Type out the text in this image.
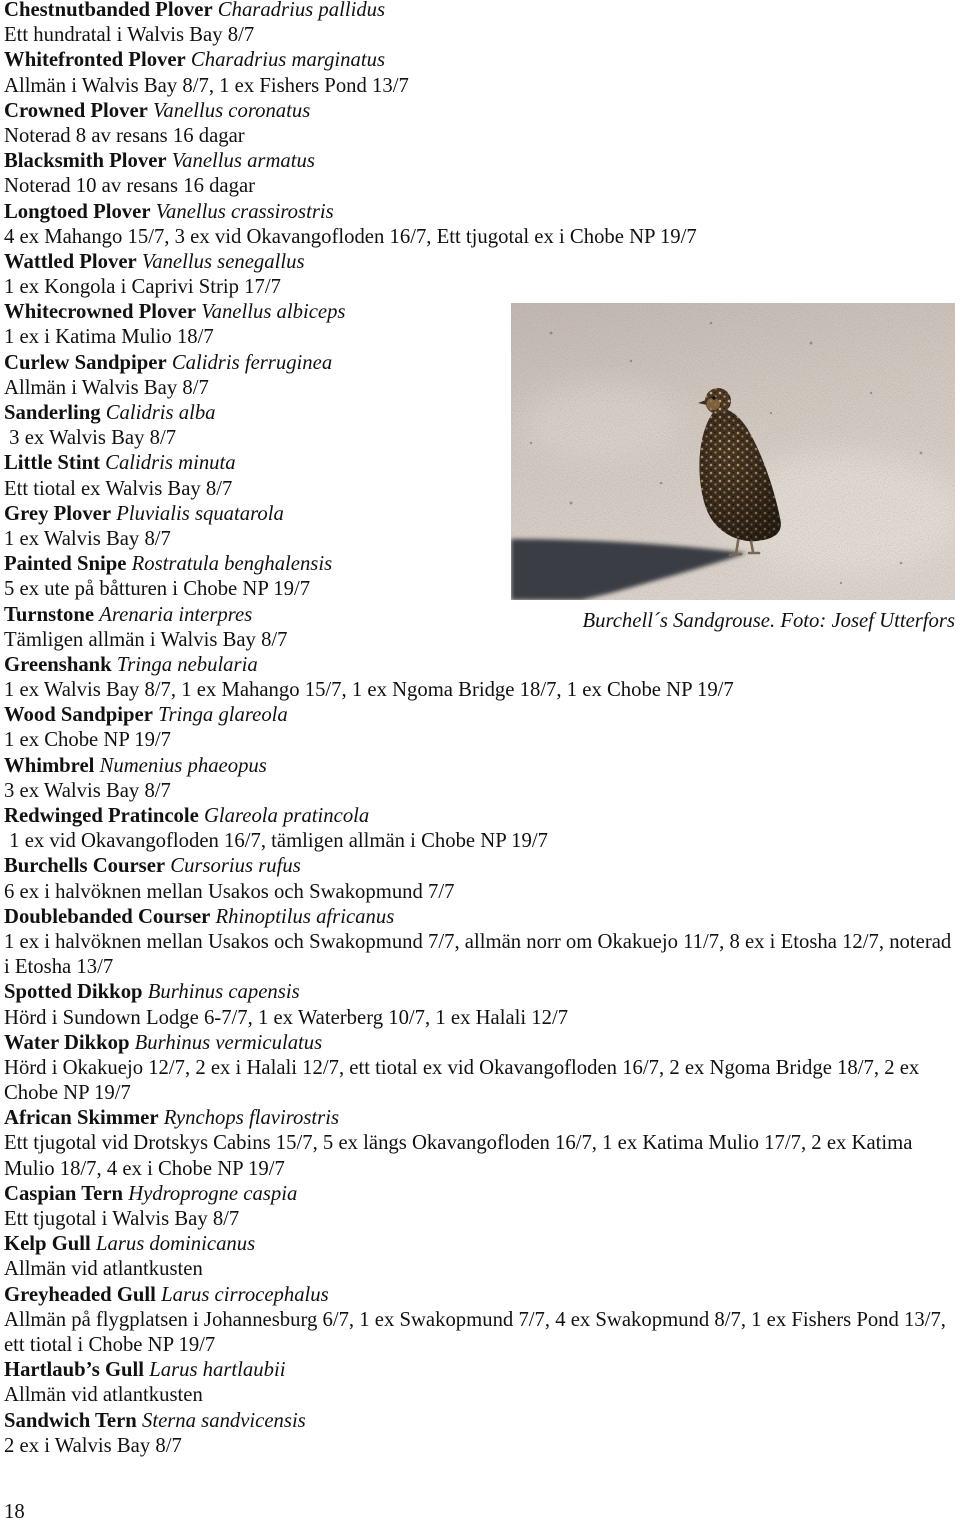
Chestnutbanded Plover Charadrius pallidus
Ett hundratal i Walvis Bay 8/7
Whitefronted Plover Charadrius marginatus
Allmän i Walvis Bay 8/7, 1 ex Fishers Pond 13/7
Crowned Plover Vanellus coronatus
Noterad 8 av resans 16 dagar
Blacksmith Plover Vanellus armatus
Noterad 10 av resans 16 dagar
Longtoed Plover Vanellus crassirostris
4 ex Mahango 15/7, 3 ex vid Okavangofloden 16/7, Ett tjugotal ex i Chobe NP 19/7
Wattled Plover Vanellus senegallus
1 ex Kongola i Caprivi Strip 17/7
Whitecrowned Plover Vanellus albiceps
1 ex i Katima Mulio 18/7
Curlew Sandpiper Calidris ferruginea
Allmän i Walvis Bay 8/7
Sanderling Calidris alba
3 ex Walvis Bay 8/7
Little Stint Calidris minuta
Ett tiotal ex Walvis Bay 8/7
Grey Plover Pluvialis squatarola
1 ex Walvis Bay 8/7
Painted Snipe Rostratula benghalensis
5 ex ute på båtturen i Chobe NP 19/7
Turnstone Arenaria interpres
Tämligen allmän i Walvis Bay 8/7
Greenshank Tringa nebularia
1 ex Walvis Bay 8/7, 1 ex Mahango 15/7, 1 ex Ngoma Bridge 18/7, 1 ex Chobe NP 19/7
Wood Sandpiper Tringa glareola
1 ex Chobe NP 19/7
Whimbrel Numenius phaeopus
3 ex Walvis Bay 8/7
Redwinged Pratincole Glareola pratincola
1 ex vid Okavangofloden 16/7, tämligen allmän i Chobe NP 19/7
Burchells Courser Cursorius rufus
6 ex i halvöknen mellan Usakos och Swakopmund 7/7
Doublebanded Courser Rhinoptilus africanus
1 ex i halvöknen mellan Usakos och Swakopmund 7/7, allmän norr om Okakuejo 11/7, 8 ex i Etosha 12/7, noterad
i Etosha 13/7
Spotted Dikkop Burhinus capensis
Hörd i Sundown Lodge 6-7/7, 1 ex Waterberg 10/7, 1 ex Halali 12/7
Water Dikkop Burhinus vermiculatus
Hörd i Okakuejo 12/7, 2 ex i Halali 12/7, ett tiotal ex vid Okavangofloden 16/7, 2 ex Ngoma Bridge 18/7, 2 ex
Chobe NP 19/7
African Skimmer Rynchops flavirostris
Ett tjugotal vid Drotskys Cabins 15/7, 5 ex längs Okavangofloden 16/7, 1 ex Katima Mulio 17/7, 2 ex Katima
Mulio 18/7, 4 ex i Chobe NP 19/7
Caspian Tern Hydroprogne caspia
Ett tjugotal i Walvis Bay 8/7
Kelp Gull Larus dominicanus
Allmän vid atlantkusten
Greyheaded Gull Larus cirrocephalus
Allmän på flygplatsen i Johannesburg 6/7, 1 ex Swakopmund 7/7, 4 ex Swakopmund 8/7, 1 ex Fishers Pond 13/7,
ett tiotal i Chobe NP 19/7
Hartlaub’s Gull Larus hartlaubii
Allmän vid atlantkusten
Sandwich Tern Sterna sandvicensis
2 ex i Walvis Bay 8/7
Burchell´s Sandgrouse. Foto: Josef Utterfors
18
